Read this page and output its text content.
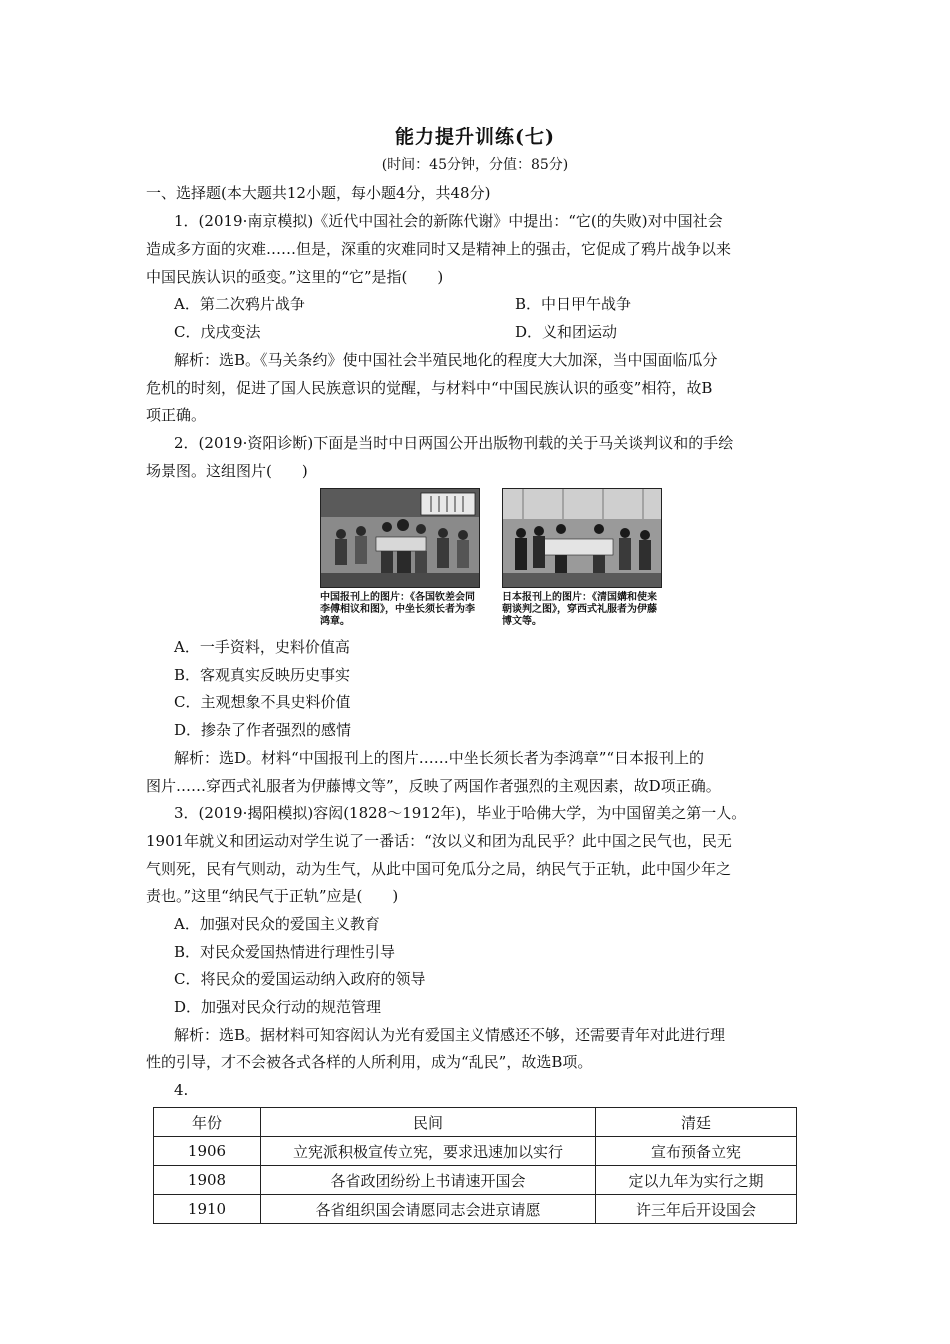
能力提升训练(七)
(时间：45分钟，分值：85分)
一、选择题(本大题共12小题，每小题4分，共48分)
1．(2019·南京模拟)《近代中国社会的新陈代谢》中提出：“它(的失败)对中国社会
造成多方面的灾难……但是，深重的灾难同时又是精神上的强击，它促成了鸦片战争以来
中国民族认识的亟变。”这里的“它”是指(　　)
A．第二次鸦片战争	B．中日甲午战争
C．戊戌变法	D．义和团运动
解析：选B。《马关条约》使中国社会半殖民地化的程度大大加深，当中国面临瓜分
危机的时刻，促进了国人民族意识的觉醒，与材料中“中国民族认识的亟变”相符，故B
项正确。
2．(2019·资阳诊断)下面是当时中日两国公开出版物刊载的关于马关谈判议和的手绘
场景图。这组图片(　　)
中国报刊上的图片：《各国钦差会同李傅相议和图》，中坐长须长者为李鸿章。
日本报刊上的图片：《清国媾和使来朝谈判之图》，穿西式礼服者为伊藤博文等。
A．一手资料，史料价值高
B．客观真实反映历史事实
C．主观想象不具史料价值
D．掺杂了作者强烈的感情
解析：选D。材料“中国报刊上的图片……中坐长须长者为李鸿章”“日本报刊上的
图片……穿西式礼服者为伊藤博文等”，反映了两国作者强烈的主观因素，故D项正确。
3．(2019·揭阳模拟)容闳(1828～1912年)，毕业于哈佛大学，为中国留美之第一人。
1901年就义和团运动对学生说了一番话：“汝以义和团为乱民乎？此中国之民气也，民无
气则死，民有气则动，动为生气，从此中国可免瓜分之局，纳民气于正轨，此中国少年之
责也。”这里“纳民气于正轨”应是(　　)
A．加强对民众的爱国主义教育
B．对民众爱国热情进行理性引导
C．将民众的爱国运动纳入政府的领导
D．加强对民众行动的规范管理
解析：选B。据材料可知容闳认为光有爱国主义情感还不够，还需要青年对此进行理
性的引导，才不会被各式各样的人所利用，成为“乱民”，故选B项。
4.
年份	民间	清廷
1906	立宪派积极宣传立宪，要求迅速加以实行	宣布预备立宪
1908	各省政团纷纷上书请速开国会	定以九年为实行之期
1910	各省组织国会请愿同志会进京请愿	许三年后开设国会
